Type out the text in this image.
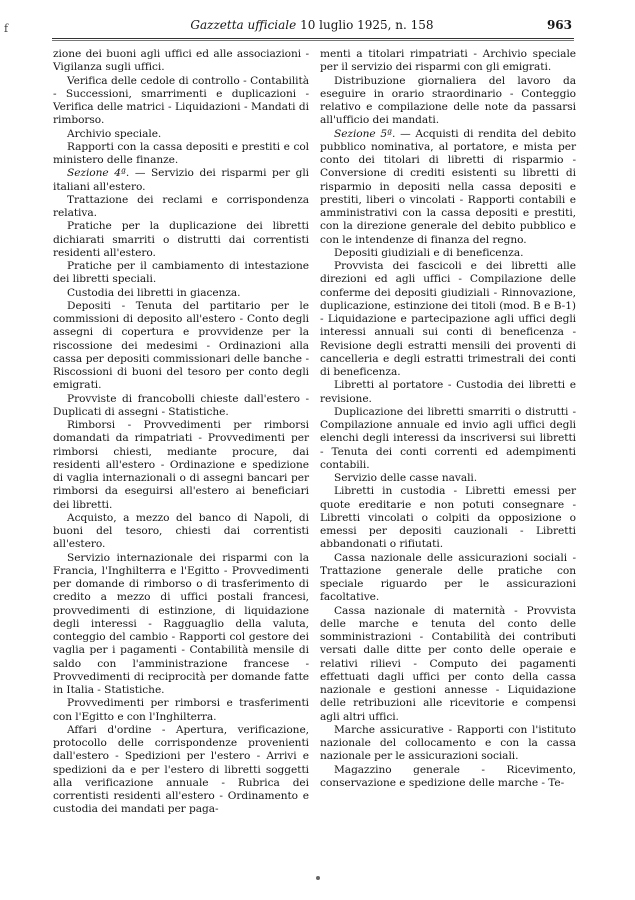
f	Gazzetta ufficiale 10 luglio 1925, n. 158	963

zione dei buoni agli uffici ed alle associazioni - Vigilanza sugli uffici.

Verifica delle cedole di controllo - Contabilità - Successioni, smarrimenti e duplicazioni - Verifica delle matrici - Liquidazioni - Mandati di rimborso.

Archivio speciale.

Rapporti con la cassa depositi e prestiti e col ministero delle finanze.

Sezione 4ª. — Servizio dei risparmi per gli italiani all'estero.

Trattazione dei reclami e corrispondenza relativa.

Pratiche per la duplicazione dei libretti dichiarati smarriti o distrutti dai correntisti residenti all'estero.

Pratiche per il cambiamento di intestazione dei libretti speciali.

Custodia dei libretti in giacenza.

Depositi - Tenuta del partitario per le commissioni di deposito all'estero - Conto degli assegni di copertura e provvidenze per la riscossione dei medesimi - Ordinazioni alla cassa per depositi commissionari delle banche - Riscossioni di buoni del tesoro per conto degli emigrati.

Provviste di francobolli chieste dall'estero - Duplicati di assegni - Statistiche.

Rimborsi - Provvedimenti per rimborsi domandati da rimpatriati - Provvedimenti per rimborsi chiesti, mediante procure, dai residenti all'estero - Ordinazione e spedizione di vaglia internazionali o di assegni bancari per rimborsi da eseguirsi all'estero ai beneficiari dei libretti.

Acquisto, a mezzo del banco di Napoli, di buoni del tesoro, chiesti dai correntisti all'estero.

Servizio internazionale dei risparmi con la Francia, l'Inghilterra e l'Egitto - Provvedimenti per domande di rimborso o di trasferimento di credito a mezzo di uffici postali francesi, provvedimenti di estinzione, di liquidazione degli interessi - Ragguaglio della valuta, conteggio del cambio - Rapporti col gestore dei vaglia per i pagamenti - Contabilità mensile di saldo con l'amministrazione francese - Provvedimenti di reciprocità per domande fatte in Italia - Statistiche.

Provvedimenti per rimborsi e trasferimenti con l'Egitto e con l'Inghilterra.

Affari d'ordine - Apertura, verificazione, protocollo delle corrispondenze provenienti dall'estero - Spedizioni per l'estero - Arrivi e spedizioni da e per l'estero di libretti soggetti alla verificazione annuale - Rubrica dei correntisti residenti all'estero - Ordinamento e custodia dei mandati per paga-

menti a titolari rimpatriati - Archivio speciale per il servizio dei risparmi con gli emigrati.

Distribuzione giornaliera del lavoro da eseguire in orario straordinario - Conteggio relativo e compilazione delle note da passarsi all'ufficio dei mandati.

Sezione 5ª. — Acquisti di rendita del debito pubblico nominativa, al portatore, e mista per conto dei titolari di libretti di risparmio - Conversione di crediti esistenti su libretti di risparmio in depositi nella cassa depositi e prestiti, liberi o vincolati - Rapporti contabili e amministrativi con la cassa depositi e prestiti, con la direzione generale del debito pubblico e con le intendenze di finanza del regno.

Depositi giudiziali e di beneficenza.

Provvista dei fascicoli e dei libretti alle direzioni ed agli uffici - Compilazione delle conferme dei depositi giudiziali - Rinnovazione, duplicazione, estinzione dei titoli (mod. B e B-1) - Liquidazione e partecipazione agli uffici degli interessi annuali sui conti di beneficenza - Revisione degli estratti mensili dei proventi di cancelleria e degli estratti trimestrali dei conti di beneficenza.

Libretti al portatore - Custodia dei libretti e revisione.

Duplicazione dei libretti smarriti o distrutti - Compilazione annuale ed invio agli uffici degli elenchi degli interessi da inscriversi sui libretti - Tenuta dei conti correnti ed adempimenti contabili.

Servizio delle casse navali.

Libretti in custodia - Libretti emessi per quote ereditarie e non potuti consegnare - Libretti vincolati o colpiti da opposizione o emessi per depositi cauzionali - Libretti abbandonati o rifiutati.

Cassa nazionale delle assicurazioni sociali - Trattazione generale delle pratiche con speciale riguardo per le assicurazioni facoltative.

Cassa nazionale di maternità - Provvista delle marche e tenuta del conto delle somministrazioni - Contabilità dei contributi versati dalle ditte per conto delle operaie e relativi rilievi - Computo dei pagamenti effettuati dagli uffici per conto della cassa nazionale e gestioni annesse - Liquidazione delle retribuzioni alle ricevitorie e compensi agli altri uffici.

Marche assicurative - Rapporti con l'istituto nazionale del collocamento e con la cassa nazionale per le assicurazioni sociali.

Magazzino generale - Ricevimento, conservazione e spedizione delle marche - Te-
